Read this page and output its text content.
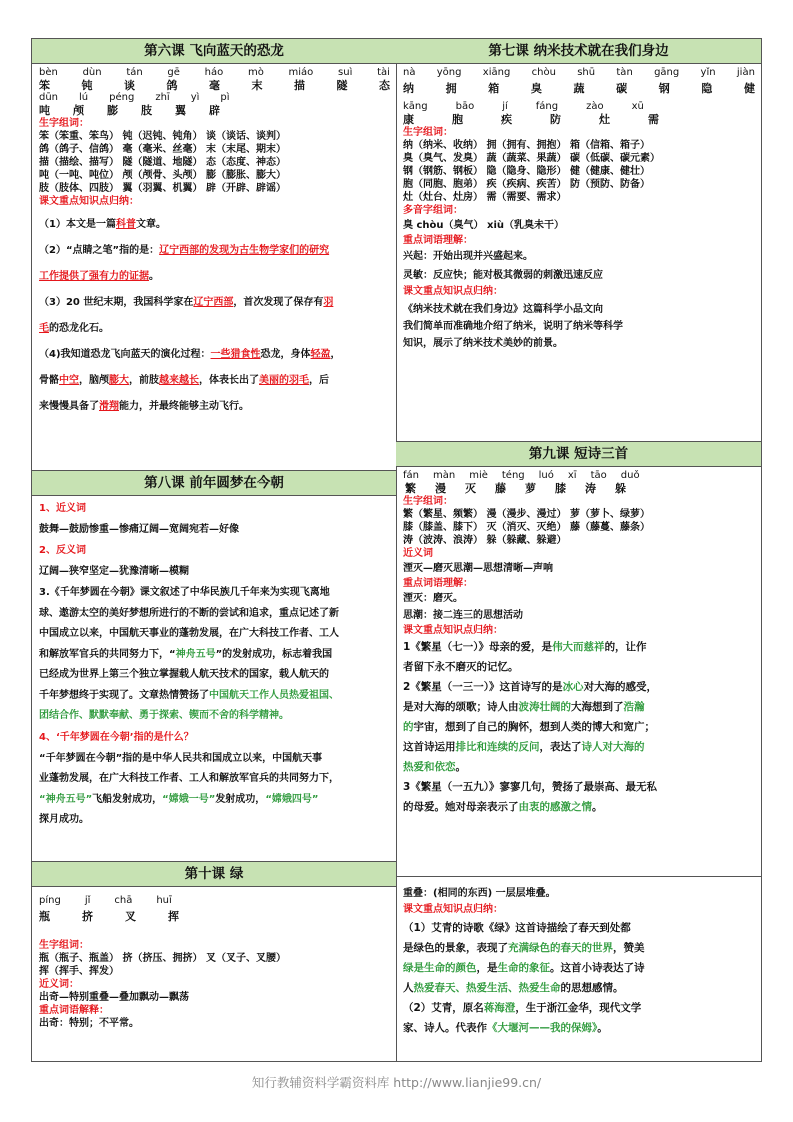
第六课 飞向蓝天的恐龙
bèn dùn tán gē háo mò miáo suì tài
笨	钝	谈	鸽	毫	末	描	隧	态
dūn lú péng zhī yì pì
吨 颅 膨 肢 翼 辟
生字组词：
笨（笨重、笨鸟） 钝（迟钝、钝角） 谈（谈话、谈判）
鸽（鸽子、信鸽） 毫（毫米、丝毫） 末（末尾、期末）
描（描绘、描写） 隧（隧道、地隧） 态（态度、神态）
吨（一吨、吨位） 颅（颅骨、头颅） 膨（膨胀、膨大）
肢（肢体、四肢） 翼（羽翼、机翼） 辟（开辟、辟谣）
课文重点知识点归纳：
（1）本文是一篇科普文章。
（2）“点睛之笔”指的是：辽宁西部的发现为古生物学家们的研究
工作提供了强有力的证据。
（3）20 世纪末期，我国科学家在辽宁西部，首次发现了保存有羽
毛的恐龙化石。
（4)我知道恐龙飞向蓝天的演化过程：一些猎食性恐龙，身体轻盈，
骨骼中空，脑颅膨大，前肢越来越长，体表长出了美丽的羽毛，后
来慢慢具备了滑翔能力，并最终能够主动飞行。
第八课 前年圆梦在今朝
1、近义词
鼓舞—鼓励惨重—惨痛辽阔—宽阔宛若—好像
2、反义词
辽阔—狭窄坚定—犹豫清晰—模糊
3.《千年梦圆在今朝》课文叙述了中华民族几千年来为实现飞离地
球、遨游太空的美好梦想所进行的不断的尝试和追求，重点记述了新
中国成立以来，中国航天事业的蓬勃发展，在广大科技工作者、工人
和解放军官兵的共同努力下，“神舟五号”的发射成功，标志着我国
已经成为世界上第三个独立掌握载人航天技术的国家，载人航天的
千年梦想终于实现了。文章热情赞扬了中国航天工作人员热爱祖国、
团结合作、默默奉献、勇于探索、锲而不舍的科学精神。
4、‘千年梦圆在今朝’指的是什么？
“千年梦圆在今朝”指的是中华人民共和国成立以来，中国航天事
业蓬勃发展，在广大科技工作者、工人和解放军官兵的共同努力下，
“神舟五号”飞船发射成功，“嫦娥一号”发射成功，“嫦娥四号”
探月成功。
第十课 绿
píng jǐ chā huī
瓶	挤	叉	挥
生字组词：
瓶（瓶子、瓶盖） 挤（挤压、拥挤） 叉（叉子、叉腰）
挥（挥手、挥发）
近义词：
出奇—特别重叠—叠加飘动—飘荡
重点词语解释：
出奇：特别；不平常。
第七课 纳米技术就在我们身边
nà yōng xiāng chòu shū tàn gāng yǐn jiàn
纳	拥	箱	臭	蔬	碳	钢	隐	健
kāng	bāo	jí	fáng	zào	xū
康	胞	疾	防	灶	需
生字组词：
纳（纳米、收纳） 拥（拥有、拥抱） 箱（信箱、箱子）
臭（臭气、发臭） 蔬（蔬菜、果蔬） 碳（低碳、碳元素）
钢（钢筋、钢板） 隐（隐身、隐形） 健（健康、健壮）
胞（同胞、胞弟） 疾（疾病、疾苦） 防（预防、防备）
灶（灶台、灶房） 需（需要、需求）
多音字组词：
臭 chòu（臭气） xiù（乳臭未干）
重点词语理解：
兴起：开始出现并兴盛起来。
灵敏：反应快；能对极其微弱的刺激迅速反应
课文重点知识点归纳：
《纳米技术就在我们身边》这篇科学小品文向
我们简单而准确地介绍了纳米，说明了纳米等科学
知识，展示了纳米技术美妙的前景。
第九课 短诗三首
fán màn miè téng luó xī tāo duǒ
繁 漫 灭 藤 萝 膝 涛 躲
生字组词：
繁（繁星、频繁） 漫（漫步、漫过） 萝（萝卜、绿萝）
膝（膝盖、膝下） 灭（消灭、灭绝） 藤（藤蔓、藤条）
涛（波涛、浪涛） 躲（躲藏、躲避）
近义词
湮灭—磨灭思潮—思想清晰—声响
重点词语理解：
湮灭：磨灭。
思潮：接二连三的思想活动
课文重点知识点归纳：
1《繁星（七一）》母亲的爱，是伟大而慈祥的，让作
者留下永不磨灭的记忆。
2《繁星（一三一）》这首诗写的是冰心对大海的感受，
是对大海的颂歌；诗人由波涛壮阔的大海想到了浩瀚
的宇宙，想到了自己的胸怀，想到人类的博大和宽广；
这首诗运用排比和连续的反问，表达了诗人对大海的
热爱和依恋。
3《繁星（一五九）》寥寥几句，赞扬了最崇高、最无私
的母爱。她对母亲表示了由衷的感激之情。
重叠：(相同的东西) 一层层堆叠。
课文重点知识点归纳：
（1）艾青的诗歌《绿》这首诗描绘了春天到处都
是绿色的景象，表现了充满绿色的春天的世界，赞美
绿是生命的颜色，是生命的象征。这首小诗表达了诗
人热爱春天、热爱生活、热爱生命的思想感情。
（2）艾青，原名蒋海澄，生于浙江金华，现代文学
家、诗人。代表作《大堰河——我的保姆》。
知行教辅资料学霸资料库 http://www.lianjie99.cn/
